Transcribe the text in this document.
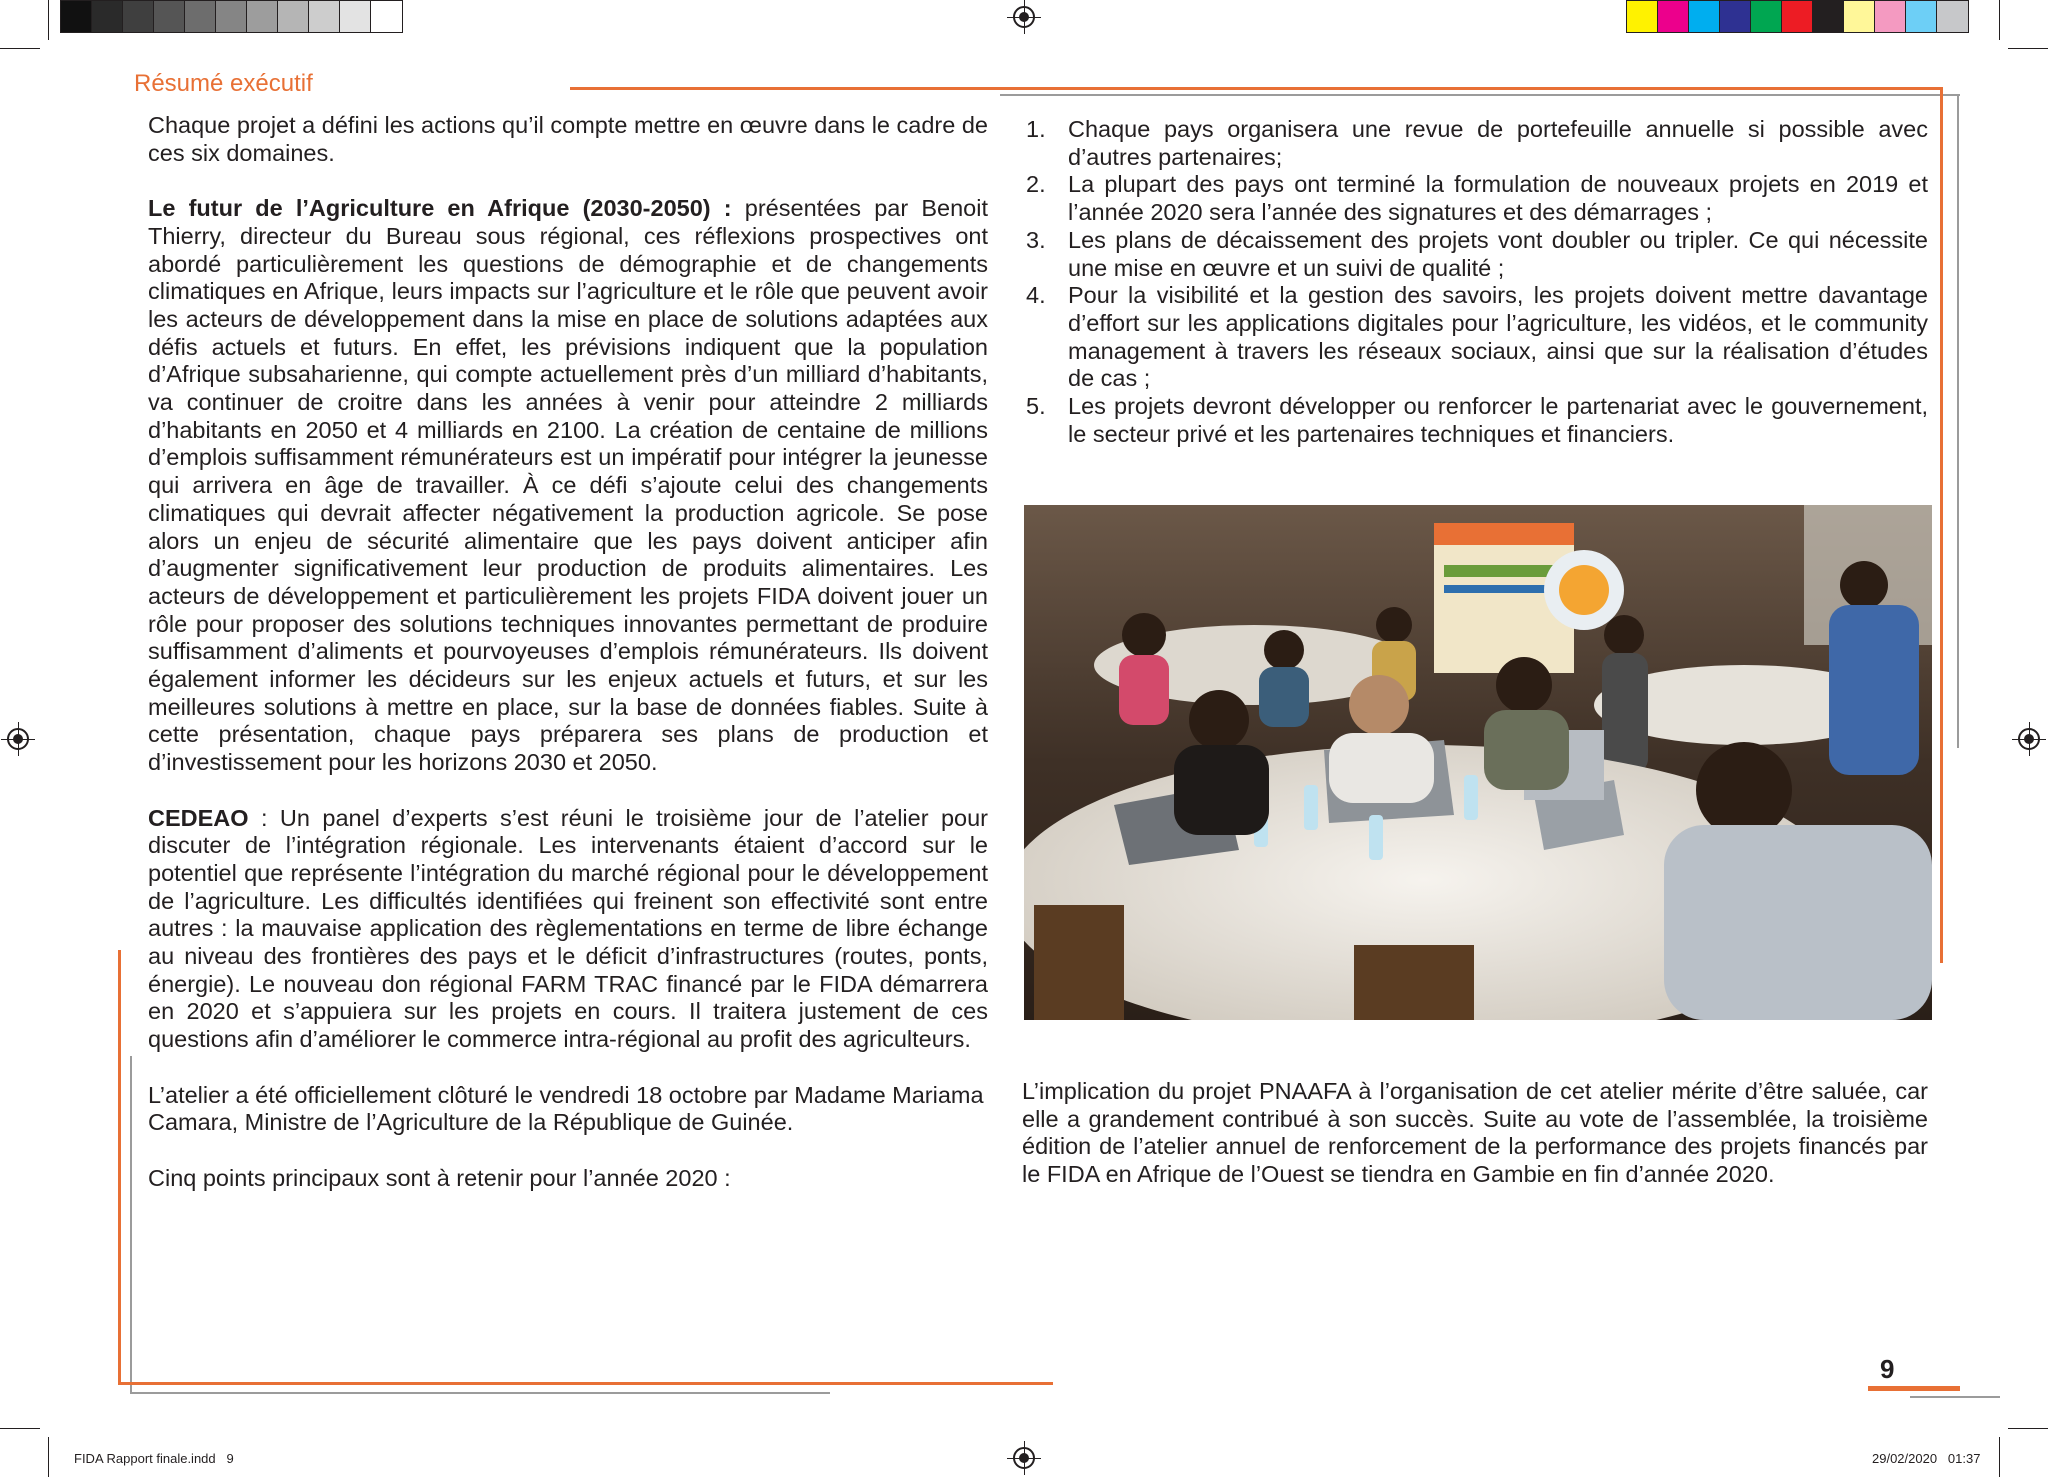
Résumé exécutif
9

Chaque projet a défini les actions qu’il compte mettre en œuvre dans le cadre de ces six domaines.

Le futur de l’Agriculture en Afrique (2030-2050) : présentées par Benoit Thierry, directeur du Bureau sous régional, ces réflexions prospectives ont abordé particulièrement les questions de démographie et de changements climatiques en Afrique, leurs impacts sur l’agriculture et le rôle que peuvent avoir les acteurs de développement dans la mise en place de solutions adaptées aux défis actuels et futurs. En effet, les prévisions indiquent que la population d’Afrique subsaharienne, qui compte actuellement près d’un milliard d’habitants, va continuer de croitre dans les années à venir pour atteindre 2 milliards d’habitants en 2050 et 4 milliards en 2100. La création de centaine de millions d’emplois suffisamment rémunérateurs est un impératif pour intégrer la jeunesse qui arrivera en âge de travailler. À ce défi s’ajoute celui des changements climatiques qui devrait affecter négativement la production agricole. Se pose alors un enjeu de sécurité alimentaire que les pays doivent anticiper afin d’augmenter significativement leur production de produits alimentaires. Les acteurs de développement et particulièrement les projets FIDA doivent jouer un rôle pour proposer des solutions techniques innovantes permettant de produire suffisamment d’aliments et pourvoyeuses d’emplois rémunérateurs. Ils doivent également informer les décideurs sur les enjeux actuels et futurs, et sur les meilleures solutions à mettre en place, sur la base de données fiables. Suite à cette présentation, chaque pays préparera ses plans de production et d’investissement pour les horizons 2030 et 2050.

CEDEAO : Un panel d’experts s’est réuni le troisième jour de l’atelier pour discuter de l’intégration régionale. Les intervenants étaient d’accord sur le potentiel que représente l’intégration du marché régional pour le développement de l’agriculture. Les difficultés identifiées qui freinent son effectivité sont entre autres : la mauvaise application des règlementations en terme de libre échange au niveau des frontières des pays et le déficit d’infrastructures (routes, ponts, énergie). Le nouveau don régional FARM TRAC financé par le FIDA démarrera en 2020 et s’appuiera sur les projets en cours. Il traitera justement de ces questions afin d’améliorer le commerce intra-régional au profit des agriculteurs.

L’atelier a été officiellement clôturé le vendredi 18 octobre par Madame Mariama Camara, Ministre de l’Agriculture de la République de Guinée.

Cinq points principaux sont à retenir pour l’année 2020 :

1. Chaque pays organisera une revue de portefeuille annuelle si possible avec d’autres partenaires;
2. La plupart des pays ont terminé la formulation de nouveaux projets en 2019 et l’année 2020 sera l’année des signatures et des démarrages ;
3. Les plans de décaissement des projets vont doubler ou tripler. Ce qui nécessite une mise en œuvre et un suivi de qualité ;
4. Pour la visibilité et la gestion des savoirs, les projets doivent mettre davantage d’effort sur les applications digitales pour l’agriculture, les vidéos, et le community management à travers les réseaux sociaux, ainsi que sur la réalisation d’études de cas ;
5. Les projets devront développer ou renforcer le partenariat avec le gouvernement, le secteur privé et les partenaires techniques et financiers.

L’implication du projet PNAAFA à l’organisation de cet atelier mérite d’être saluée, car elle a grandement contribué à son succès. Suite au vote de l’assemblée, la troisième édition de l’atelier annuel de renforcement de la performance des projets financés par le FIDA en Afrique de l’Ouest se tiendra en Gambie en fin d’année 2020.

FIDA Rapport finale.indd   9	29/02/2020   01:37
